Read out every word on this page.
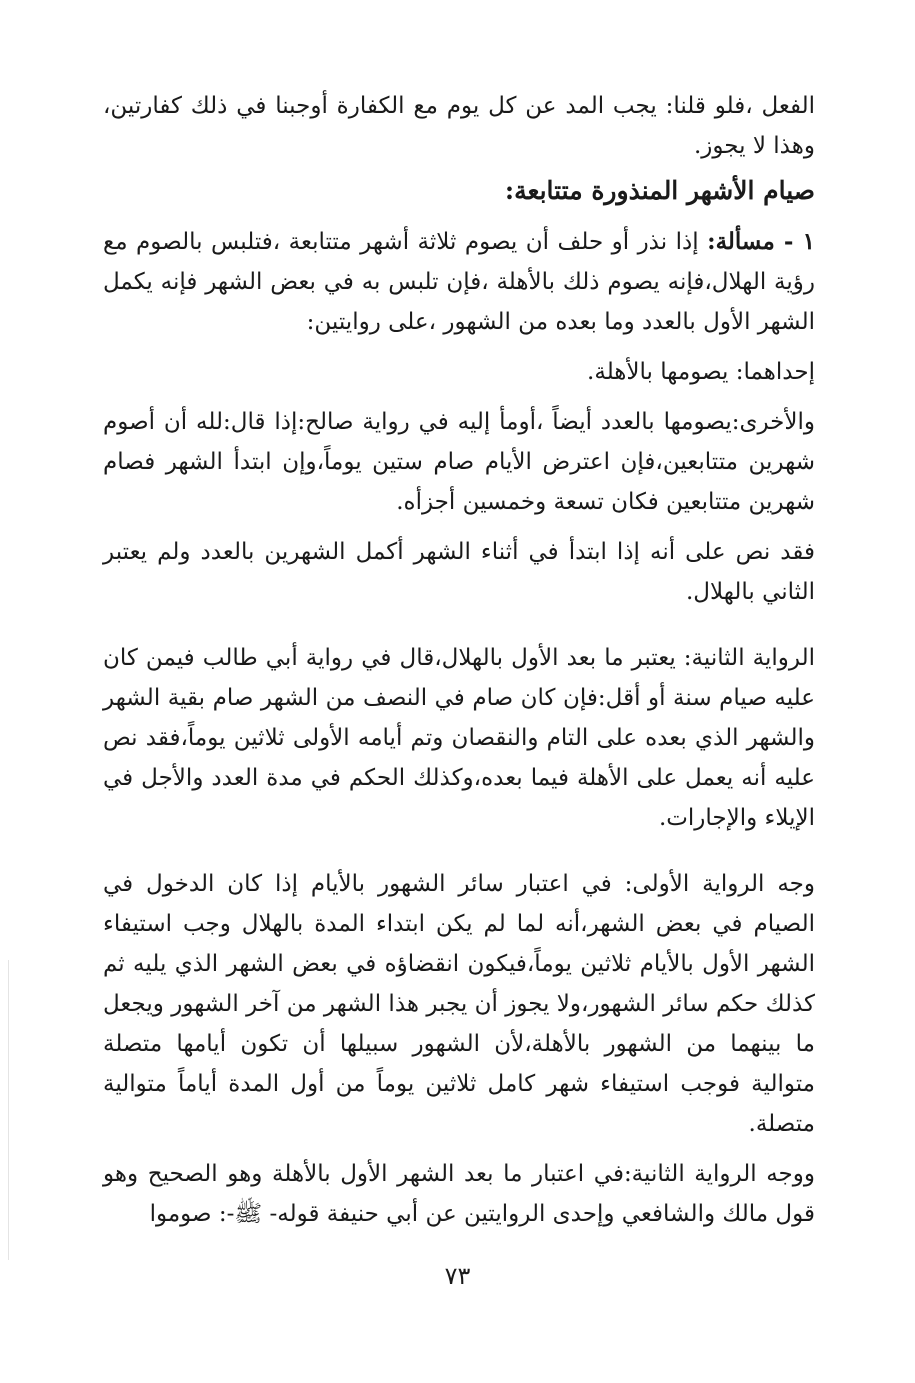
الفعل ،فلو قلنا: يجب المد عن كل يوم مع الكفارة أوجبنا في ذلك كفارتين، وهذا لا يجوز.

صيام الأشهر المنذورة متتابعة:

١ - مسألة: إذا نذر أو حلف أن يصوم ثلاثة أشهر متتابعة ،فتلبس بالصوم مع رؤية الهلال،فإنه يصوم ذلك بالأهلة ،فإن تلبس به في بعض الشهر فإنه يكمل الشهر الأول بالعدد وما بعده من الشهور ،على روايتين:

إحداهما: يصومها بالأهلة.

والأخرى:يصومها بالعدد أيضاً ،أومأ إليه في رواية صالح:إذا قال:لله أن أصوم شهرين متتابعين،فإن اعترض الأيام صام ستين يوماً،وإن ابتدأ الشهر فصام شهرين متتابعين فكان تسعة وخمسين أجزأه.

فقد نص على أنه إذا ابتدأ في أثناء الشهر أكمل الشهرين بالعدد ولم يعتبر الثاني بالهلال.

الرواية الثانية: يعتبر ما بعد الأول بالهلال،قال في رواية أبي طالب فيمن كان عليه صيام سنة أو أقل:فإن كان صام في النصف من الشهر صام بقية الشهر والشهر الذي بعده على التام والنقصان وتم أيامه الأولى ثلاثين يوماً،فقد نص عليه أنه يعمل على الأهلة فيما بعده،وكذلك الحكم في مدة العدد والأجل في الإيلاء والإجارات.

وجه الرواية الأولى: في اعتبار سائر الشهور بالأيام إذا كان الدخول في الصيام في بعض الشهر،أنه لما لم يكن ابتداء المدة بالهلال وجب استيفاء الشهر الأول بالأيام ثلاثين يوماً،فيكون انقضاؤه في بعض الشهر الذي يليه ثم كذلك حكم سائر الشهور،ولا يجوز أن يجبر هذا الشهر من آخر الشهور ويجعل ما بينهما من الشهور بالأهلة،لأن الشهور سبيلها أن تكون أيامها متصلة متوالية فوجب استيفاء شهر كامل ثلاثين يوماً من أول المدة أياماً متوالية متصلة.

ووجه الرواية الثانية:في اعتبار ما بعد الشهر الأول بالأهلة وهو الصحيح وهو قول مالك والشافعي وإحدى الروايتين عن أبي حنيفة قوله- ﷺ-: صوموا

٧٣
